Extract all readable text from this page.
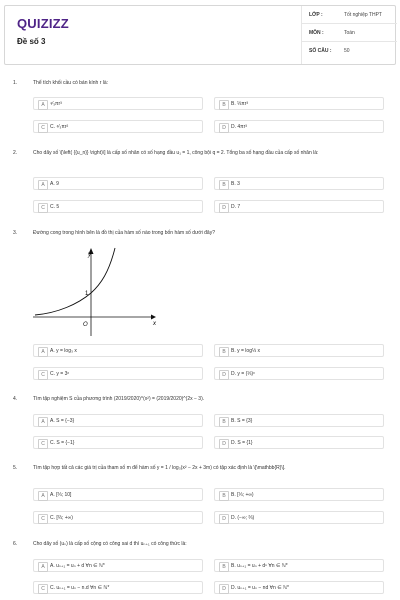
QUIZIZZ
Đề số 3
LỚP :	Tốt nghiệp THPT
MÔN :	Toán
SỐ CÂU :	50
1.	Thể tích khối cầu có bán kính r là:
A	⁴⁄₃πr³	B	B. ⅓πr³
C	C. ⁴⁄₃πr²	D	D. 4πr³
2.	Cho dãy số \[\left( {{u_n}} \right)\] là cấp số nhân có số hạng đầu u₁ = 1, công bội q = 2. Tổng ba số hạng đầu của cấp số nhân là:
A	A. 9	B	B. 3
C	C. 5	D	D. 7
3.	Đường cong trong hình bên là đồ thị của hàm số nào trong bốn hàm số dưới đây?
y
x
O
1
A	A. y = log₃ x	B	B. y = log⅓ x
C	C. y = 3ˣ	D	D. y = (⅓)ˣ
4.	Tìm tập nghiệm S của phương trình (2019/2020)^(x²) = (2019/2020)^(2x − 3).
A	A. S = {−3}	B	B. S = {3}
C	C. S = {−1}	D	D. S = {1}
5.	Tìm tập hợp tất cả các giá trị của tham số m để hàm số y = 1 / log₃(x² − 2x + 3m) có tập xác định là \[\mathbb{R}\].
A	A. [⅔; 10]	B	B. [⅓; +∞)
C	C. [⅔; +∞)	D	D. (−∞; ⅔)
6.	Cho dãy số (uₙ) là cấp số cộng có công sai d thì uₙ₊₁ có công thức là:
A	A. uₙ₊₁ = uₙ + d ∀n ∈ ℕ*	B	B. uₙ₊₁ = uₙ + dⁿ ∀n ∈ ℕ*
C	C. uₙ₊₁ = uₙ − n.d ∀n ∈ ℕ*	D	D. uₙ₊₁ = uₙ − nd ∀n ∈ ℕ*
